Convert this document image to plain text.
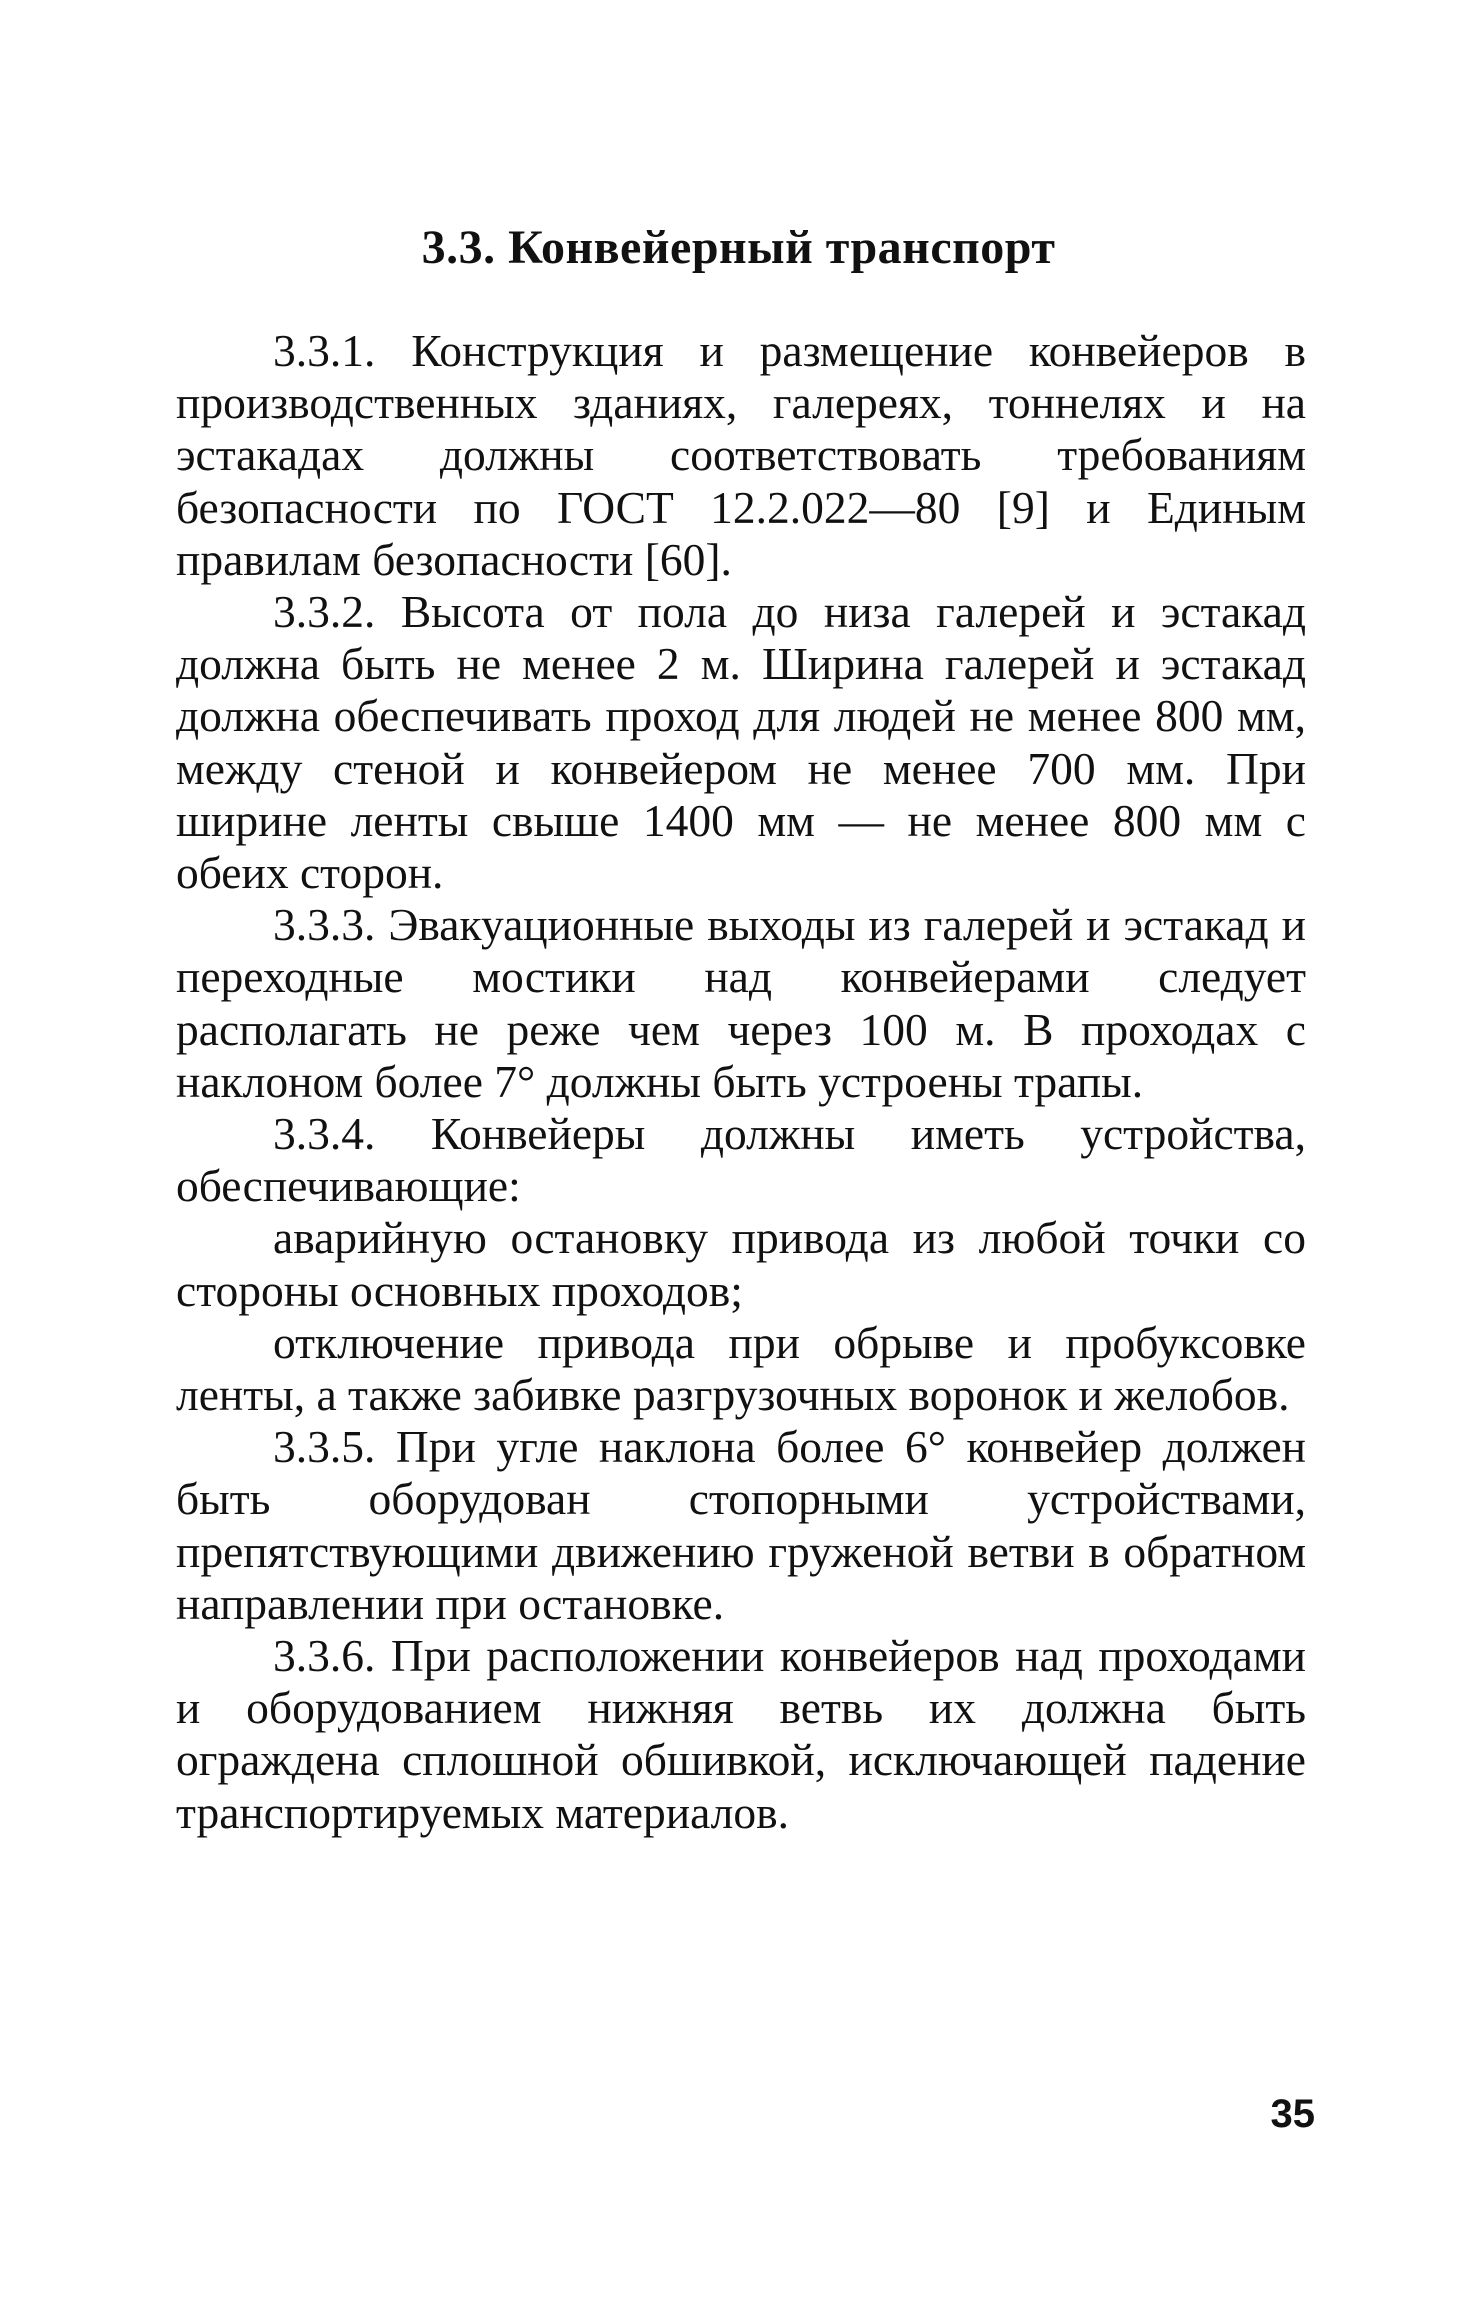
3.3. Конвейерный транспорт

3.3.1. Конструкция и размещение конвейеров в производственных зданиях, галереях, тоннелях и на эстакадах должны соответствовать требованиям безопасности по ГОСТ 12.2.022—80 [9] и Единым правилам безопасности [60].

3.3.2. Высота от пола до низа галерей и эстакад должна быть не менее 2 м. Ширина галерей и эстакад должна обеспечивать проход для людей не менее 800 мм, между стеной и конвейером не менее 700 мм. При ширине ленты свыше 1400 мм — не менее 800 мм с обеих сторон.

3.3.3. Эвакуационные выходы из галерей и эстакад и переходные мостики над конвейерами следует располагать не реже чем через 100 м. В проходах с наклоном более 7° должны быть устроены трапы.

3.3.4. Конвейеры должны иметь устройства, обеспечивающие:

аварийную остановку привода из любой точки со стороны основных проходов;

отключение привода при обрыве и пробуксовке ленты, а также забивке разгрузочных воронок и желобов.

3.3.5. При угле наклона более 6° конвейер должен быть оборудован стопорными устройствами, препятствующими движению груженой ветви в обратном направлении при остановке.

3.3.6. При расположении конвейеров над проходами и оборудованием нижняя ветвь их должна быть ограждена сплошной обшивкой, исключающей падение транспортируемых материалов.

35
